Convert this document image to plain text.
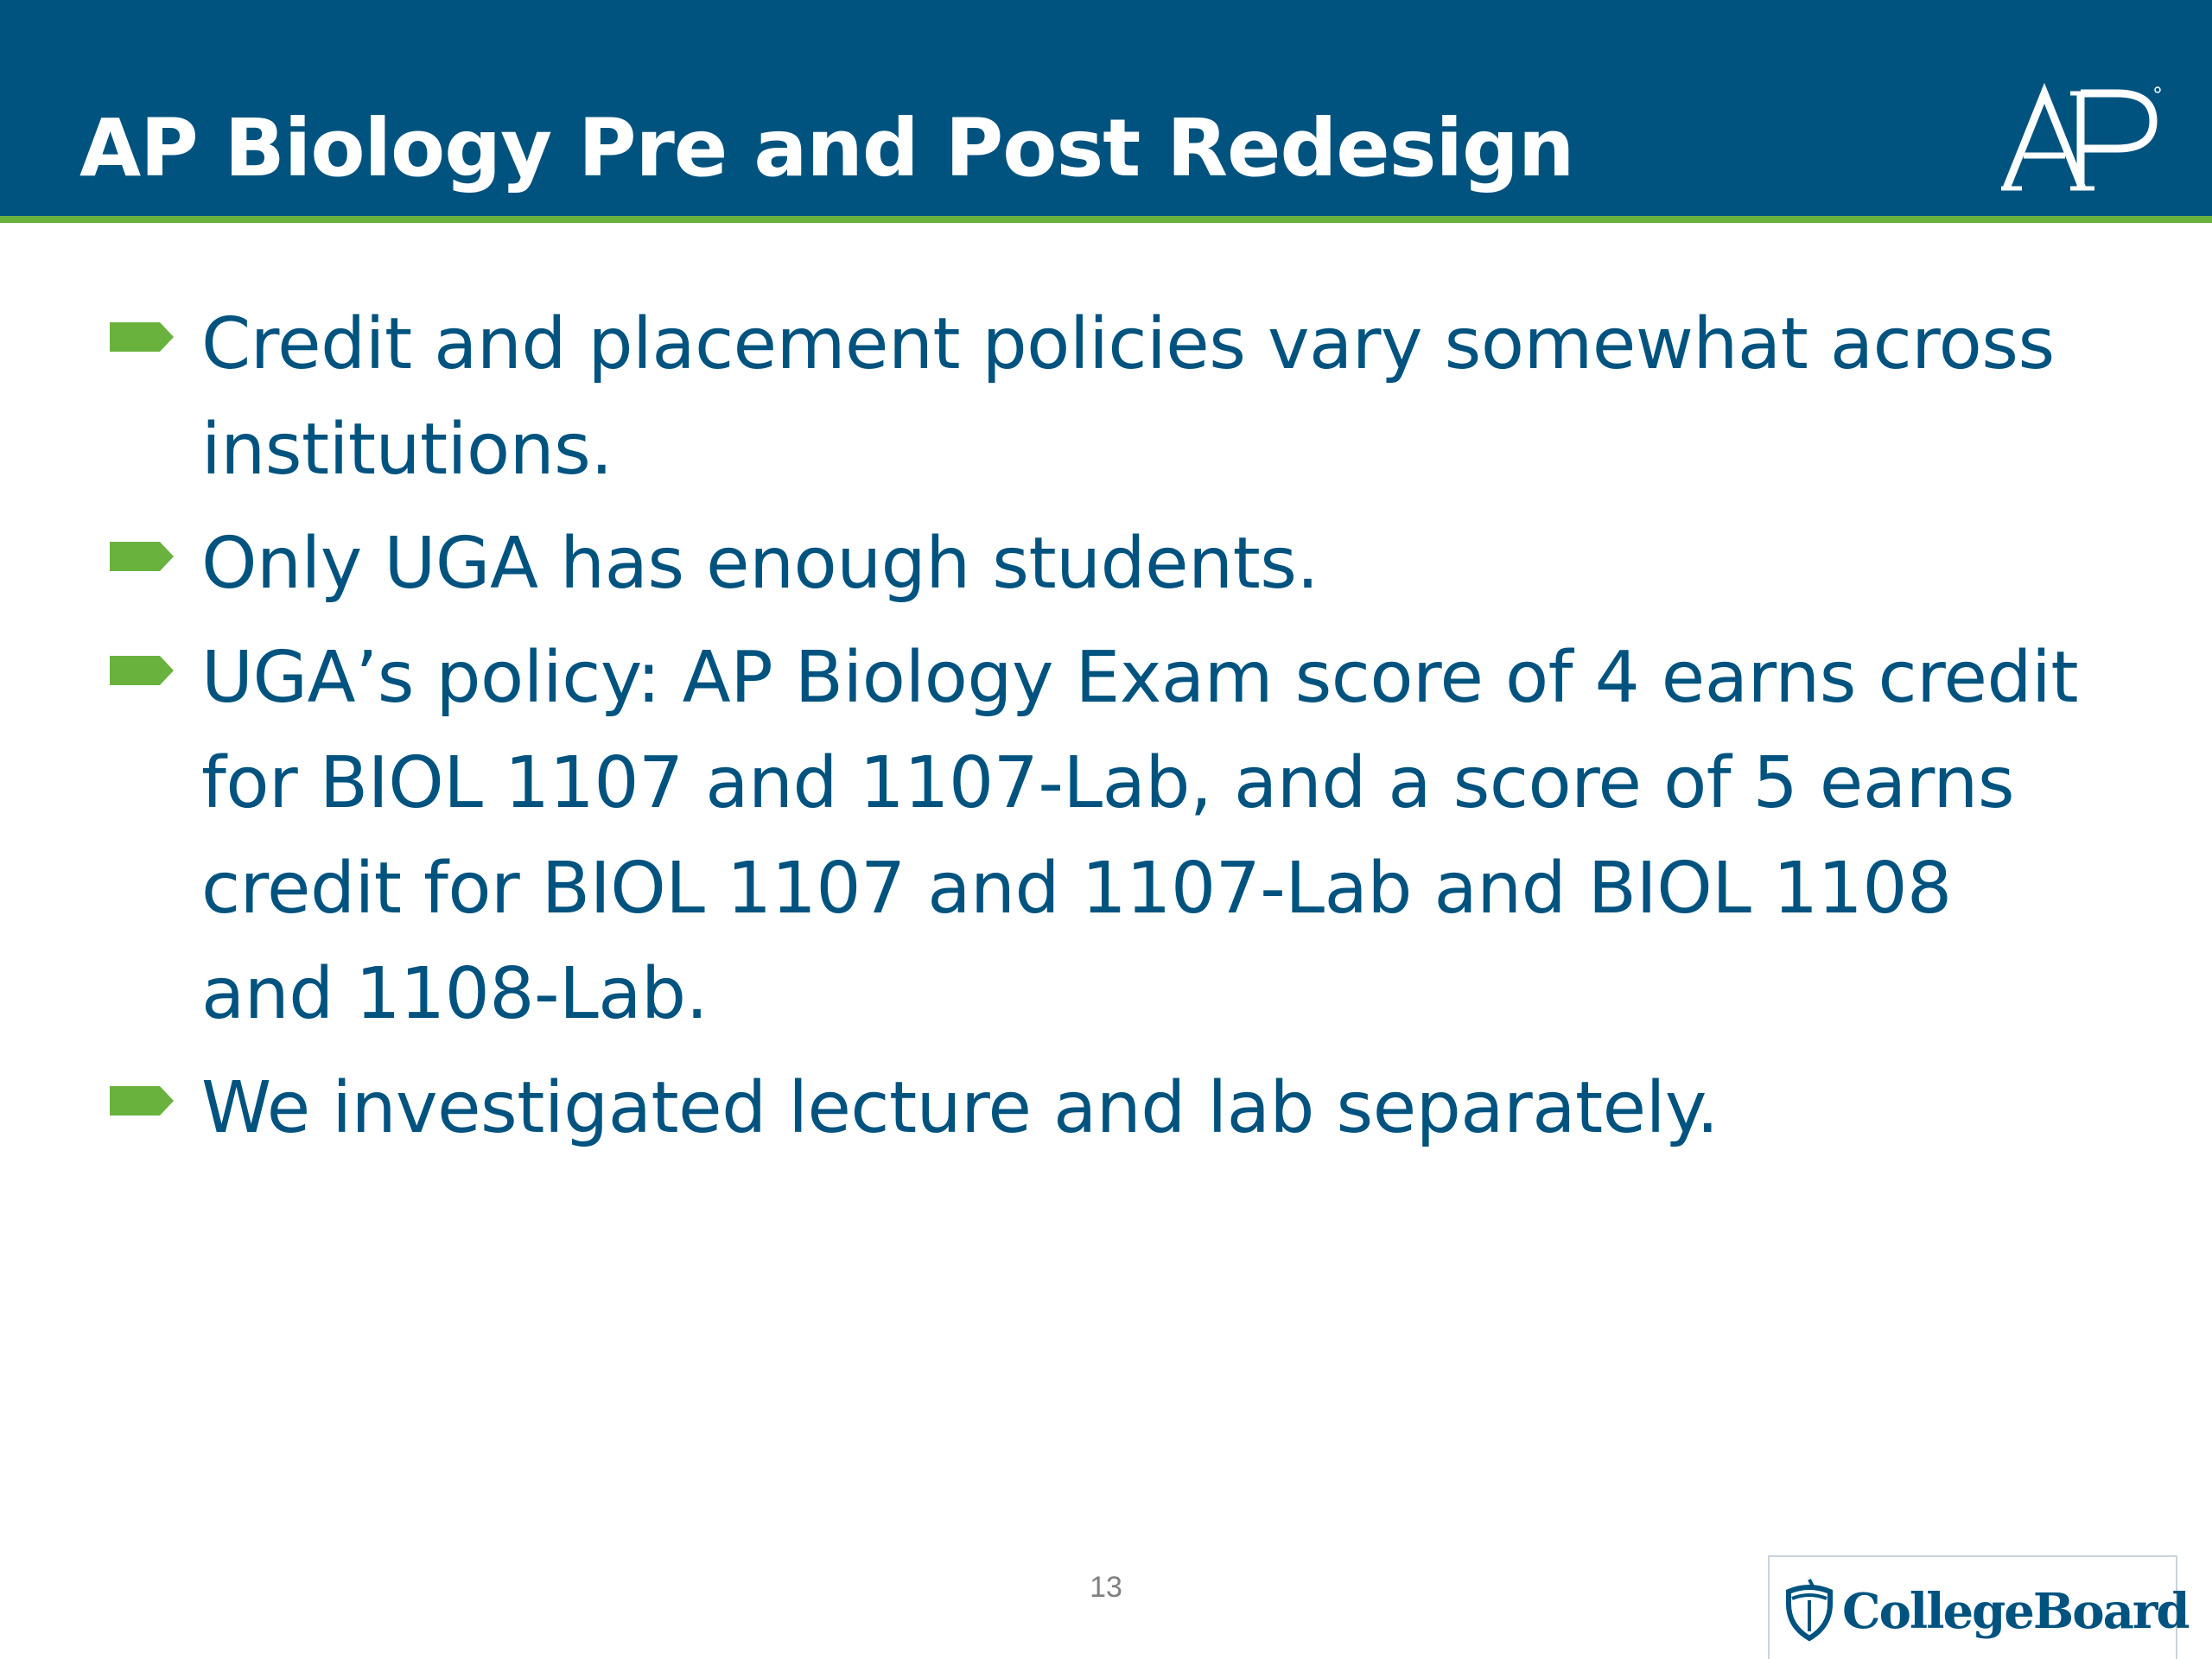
AP Biology Pre and Post Redesign
Credit and placement policies vary somewhat across institutions.
Only UGA has enough students.
UGA’s policy: AP Biology Exam score of 4 earns credit for BIOL 1107 and 1107-Lab, and a score of 5 earns credit for BIOL 1107 and 1107-Lab and BIOL 1108 and 1108-Lab.
We investigated lecture and lab separately.
13	CollegeBoard
